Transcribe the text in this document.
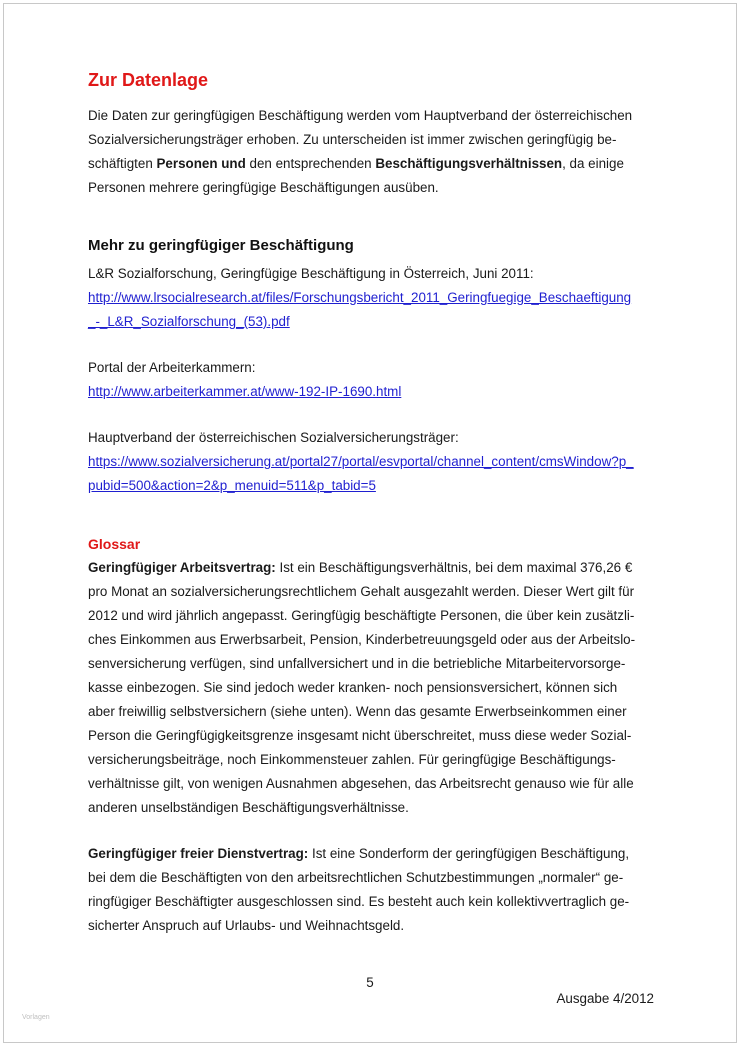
Zur Datenlage

Die Daten zur geringfügigen Beschäftigung werden vom Hauptverband der österreichischen

Sozialversicherungsträger erhoben. Zu unterscheiden ist immer zwischen geringfügig be-

schäftigten Personen und den entsprechenden Beschäftigungsverhältnissen, da einige

Personen mehrere geringfügige Beschäftigungen ausüben.

Mehr zu geringfügiger Beschäftigung

L&R Sozialforschung, Geringfügige Beschäftigung in Österreich, Juni 2011:

http://www.lrsocialresearch.at/files/Forschungsbericht_2011_Geringfuegige_Beschaeftigung
_-_L&R_Sozialforschung_(53).pdf

Portal der Arbeiterkammern:

http://www.arbeiterkammer.at/www-192-IP-1690.html

Hauptverband der österreichischen Sozialversicherungsträger:

https://www.sozialversicherung.at/portal27/portal/esvportal/channel_content/cmsWindow?p_
pubid=500&action=2&p_menuid=511&p_tabid=5
Glossar

Geringfügiger Arbeitsvertrag: Ist ein Beschäftigungsverhältnis, bei dem maximal 376,26 €

pro Monat an sozialversicherungsrechtlichem Gehalt ausgezahlt werden. Dieser Wert gilt für

2012 und wird jährlich angepasst. Geringfügig beschäftigte Personen, die über kein zusätzli-

ches Einkommen aus Erwerbsarbeit, Pension, Kinderbetreuungsgeld oder aus der Arbeitslo-

senversicherung verfügen, sind unfallversichert und in die betriebliche Mitarbeitervorsorge-

kasse einbezogen. Sie sind jedoch weder kranken- noch pensionsversichert, können sich

aber freiwillig selbstversichern (siehe unten). Wenn das gesamte Erwerbseinkommen einer

Person die Geringfügigkeitsgrenze insgesamt nicht überschreitet, muss diese weder Sozial-

versicherungsbeiträge, noch Einkommensteuer zahlen. Für geringfügige Beschäftigungs-

verhältnisse gilt, von wenigen Ausnahmen abgesehen, das Arbeitsrecht genauso wie für alle

anderen unselbständigen Beschäftigungsverhältnisse.

Geringfügiger freier Dienstvertrag: Ist eine Sonderform der geringfügigen Beschäftigung,

bei dem die Beschäftigten von den arbeitsrechtlichen Schutzbestimmungen „normaler“ ge-

ringfügiger Beschäftigter ausgeschlossen sind. Es besteht auch kein kollektivvertraglich ge-

sicherter Anspruch auf Urlaubs- und Weihnachtsgeld.

5
Ausgabe 4/2012
Vorlagen
